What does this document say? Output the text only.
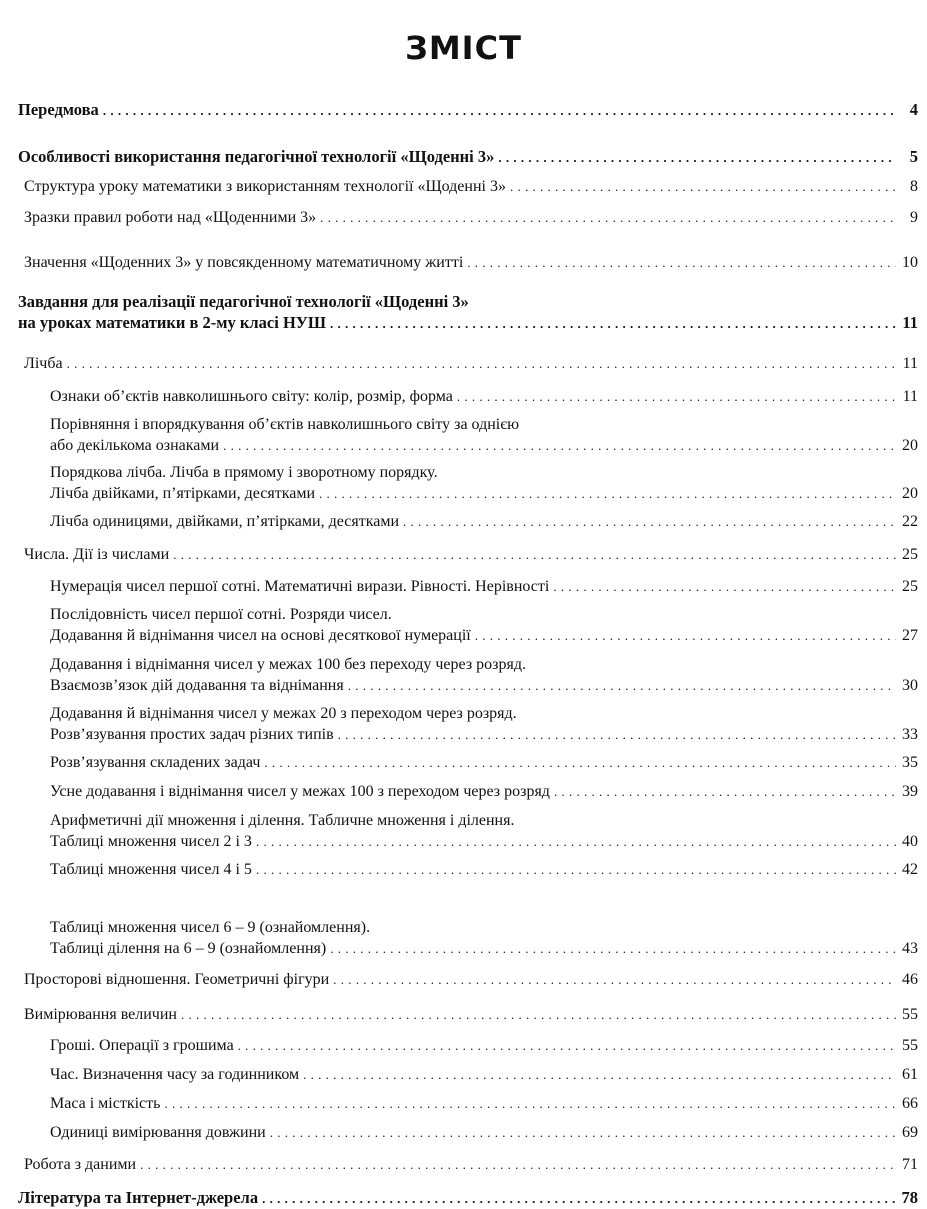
ЗМІСТ
Передмова . . .	4
Особливості використання педагогічної технології «Щоденні 3» . . .	5
Структура уроку математики з використанням технології «Щоденні 3» . . .	8
Зразки правил роботи над «Щоденними 3» . . .	9
Значення «Щоденних 3» у повсякденному математичному житті . . .	10
Завдання для реалізації педагогічної технології «Щоденні 3»
на уроках математики в 2-му класі НУШ . . .	11
Лічба . . .	11
Ознаки об’єктів навколишнього світу: колір, розмір, форма . . .	11
Порівняння і впорядкування об’єктів навколишнього світу за однією
або декількома ознаками . . .	20
Порядкова лічба. Лічба в прямому і зворотному порядку.
Лічба двійками, п’ятірками, десятками . . .	20
Лічба одиницями, двійками, п’ятірками, десятками . . .	22
Числа. Дії із числами . . .	25
Нумерація чисел першої сотні. Математичні вирази. Рівності. Нерівності . . .	25
Послідовність чисел першої сотні. Розряди чисел.
Додавання й віднімання чисел на основі десяткової нумерації . . .	27
Додавання і віднімання чисел у межах 100 без переходу через розряд.
Взаємозв’язок дій додавання та віднімання . . .	30
Додавання й віднімання чисел у межах 20 з переходом через розряд.
Розв’язування простих задач різних типів . . .	33
Розв’язування складених задач . . .	35
Усне додавання і віднімання чисел у межах 100 з переходом через розряд . . .	39
Арифметичні дії множення і ділення. Табличне множення і ділення.
Таблиці множення чисел 2 і 3 . . .	40
Таблиці множення чисел 4 і 5 . . .	42
Таблиці множення чисел 6 – 9 (ознайомлення).
Таблиці ділення на 6 – 9 (ознайомлення) . . .	43
Просторові відношення. Геометричні фігури . . .	46
Вимірювання величин . . .	55
Гроші. Операції з грошима . . .	55
Час. Визначення часу за годинником . . .	61
Маса і місткість . . .	66
Одиниці вимірювання довжини . . .	69
Робота з даними . . .	71
Література та Інтернет-джерела . . .	78
